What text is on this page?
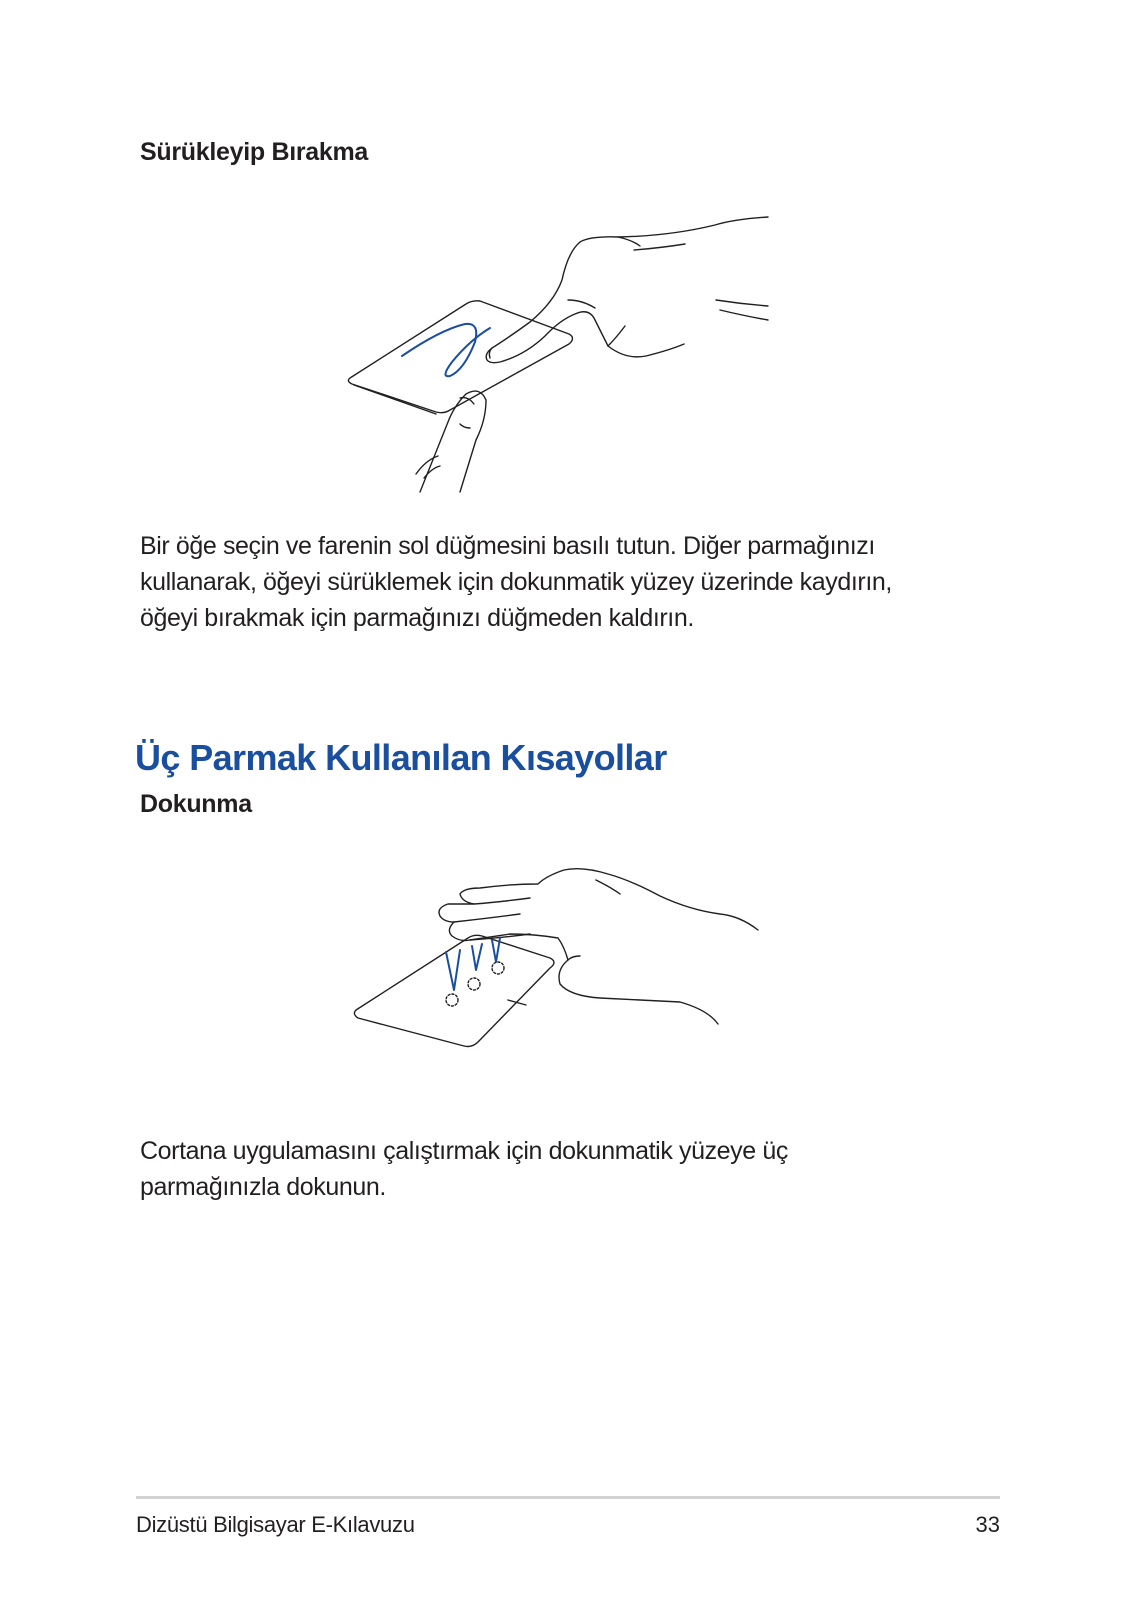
Sürükleyip Bırakma

Bir öğe seçin ve farenin sol düğmesini basılı tutun. Diğer parmağınızı
kullanarak, öğeyi sürüklemek için dokunmatik yüzey üzerinde kaydırın,
öğeyi bırakmak için parmağınızı düğmeden kaldırın.

Üç Parmak Kullanılan Kısayollar
Dokunma

Cortana uygulamasını çalıştırmak için dokunmatik yüzeye üç
parmağınızla dokunun.

Dizüstü Bilgisayar E-Kılavuzu	33
